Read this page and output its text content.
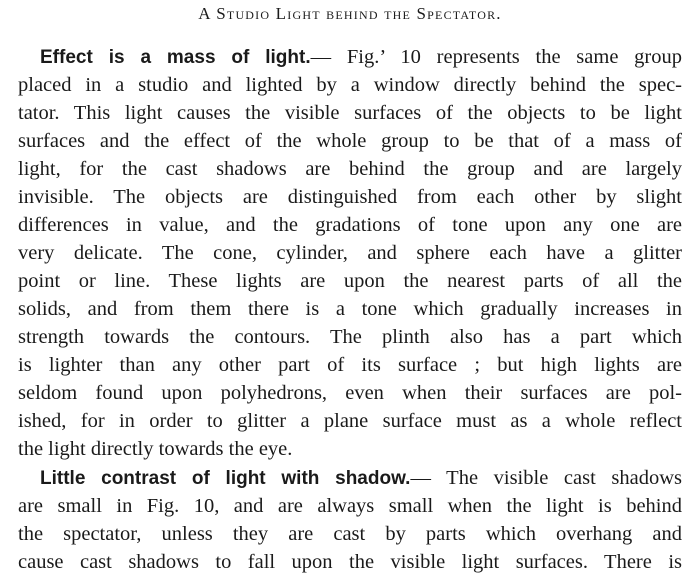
A Studio Light behind the Spectator.
Effect is a mass of light.— Fig.’ 10 represents the same group
placed in a studio and lighted by a window directly behind the spec-
tator. This light causes the visible surfaces of the objects to be light
surfaces and the effect of the whole group to be that of a mass of
light, for the cast shadows are behind the group and are largely
invisible. The objects are distinguished from each other by slight
differences in value, and the gradations of tone upon any one are
very delicate. The cone, cylinder, and sphere each have a glitter
point or line. These lights are upon the nearest parts of all the
solids, and from them there is a tone which gradually increases in
strength towards the contours. The plinth also has a part which
is lighter than any other part of its surface ; but high lights are
seldom found upon polyhedrons, even when their surfaces are pol-
ished, for in order to glitter a plane surface must as a whole reflect
the light directly towards the eye.
Little contrast of light with shadow.— The visible cast shadows
are small in Fig. 10, and are always small when the light is behind
the spectator, unless they are cast by parts which overhang and
cause cast shadows to fall upon the visible light surfaces. There is
